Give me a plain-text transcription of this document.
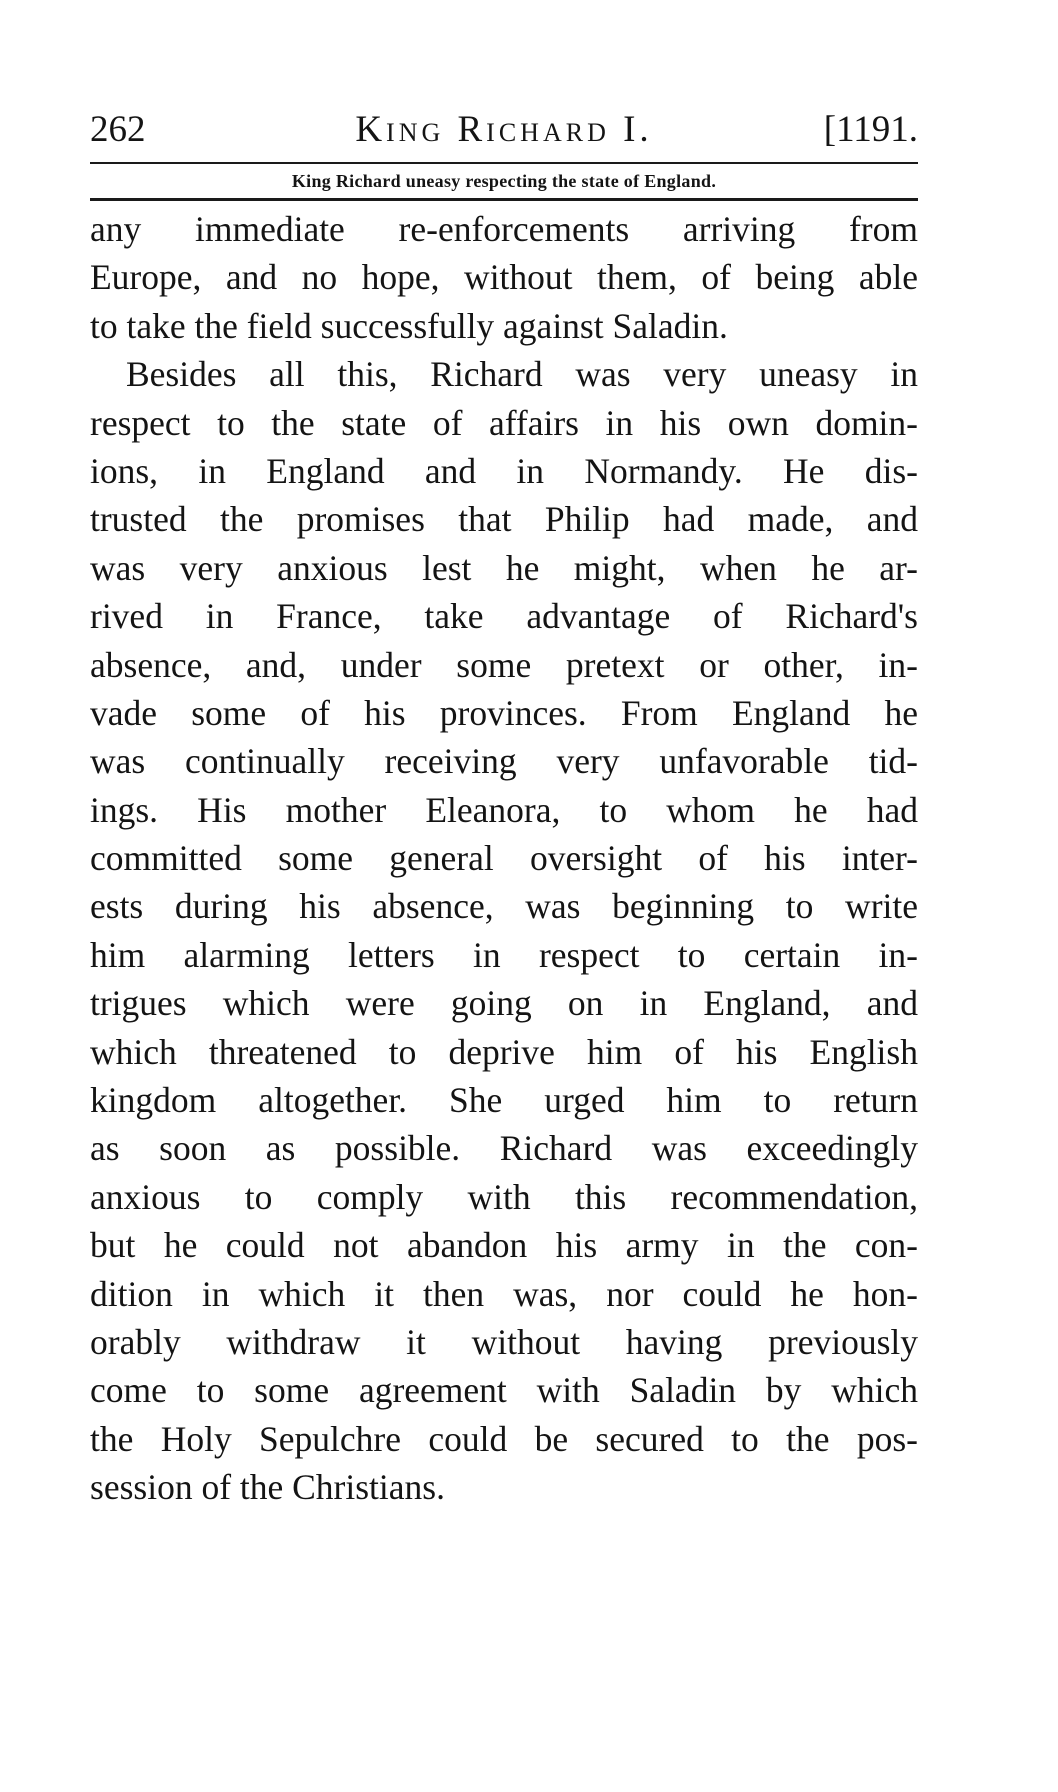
262	King Richard I.	[1191.
King Richard uneasy respecting the state of England.
any immediate re-enforcements arriving from
Europe, and no hope, without them, of being able
to take the field successfully against Saladin.
Besides all this, Richard was very uneasy in
respect to the state of affairs in his own domin-
ions, in England and in Normandy. He dis-
trusted the promises that Philip had made, and
was very anxious lest he might, when he ar-
rived in France, take advantage of Richard's
absence, and, under some pretext or other, in-
vade some of his provinces. From England he
was continually receiving very unfavorable tid-
ings. His mother Eleanora, to whom he had
committed some general oversight of his inter-
ests during his absence, was beginning to write
him alarming letters in respect to certain in-
trigues which were going on in England, and
which threatened to deprive him of his English
kingdom altogether. She urged him to return
as soon as possible. Richard was exceedingly
anxious to comply with this recommendation,
but he could not abandon his army in the con-
dition in which it then was, nor could he hon-
orably withdraw it without having previously
come to some agreement with Saladin by which
the Holy Sepulchre could be secured to the pos-
session of the Christians.
